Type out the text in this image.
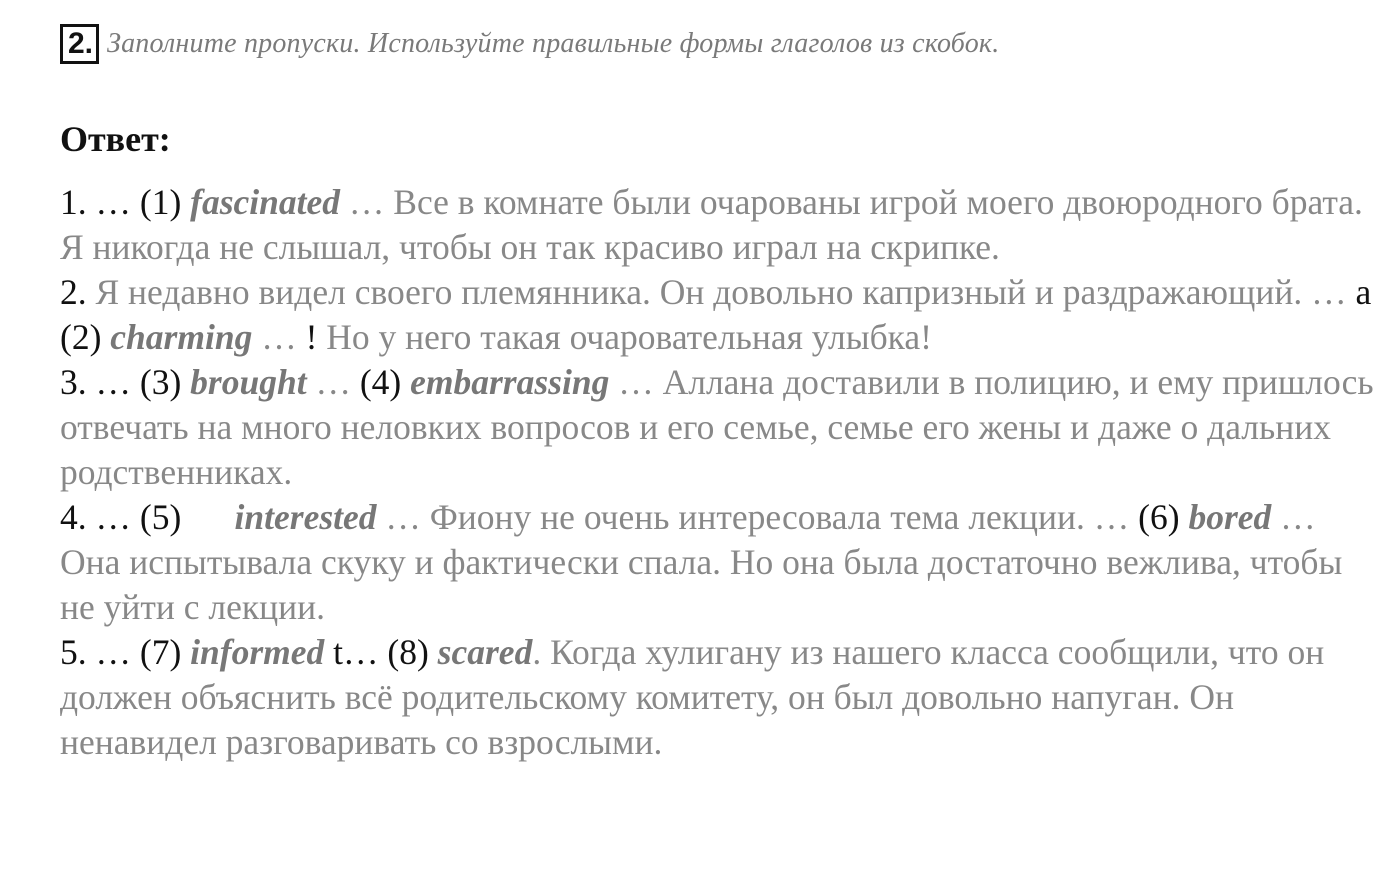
2. Заполните пропуски. Используйте правильные формы глаголов из скобок.
Ответ:

1. … (1) fascinated … Все в комнате были очарованы игрой моего двоюродного брата. Я никогда не слышал, чтобы он так красиво играл на скрипке.

2. Я недавно видел своего племянника. Он довольно капризный и раздражающий. … a (2) charming … ! Но у него такая очаровательная улыбка!

3. … (3) brought … (4) embarrassing … Аллана доставили в полицию, и ему пришлось отвечать на много неловких вопросов и его семье, семье его жены и даже о дальних родственниках.

4. … (5)      interested … Фиону не очень интересовала тема лекции. … (6) bored … Она испытывала скуку и фактически спала. Но она была достаточно вежлива, чтобы не уйти с лекции.

5. … (7) informed t… (8) scared. Когда хулигану из нашего класса сообщили, что он должен объяснить всё родительскому комитету, он был довольно напуган. Он ненавидел разговаривать со взрослыми.
